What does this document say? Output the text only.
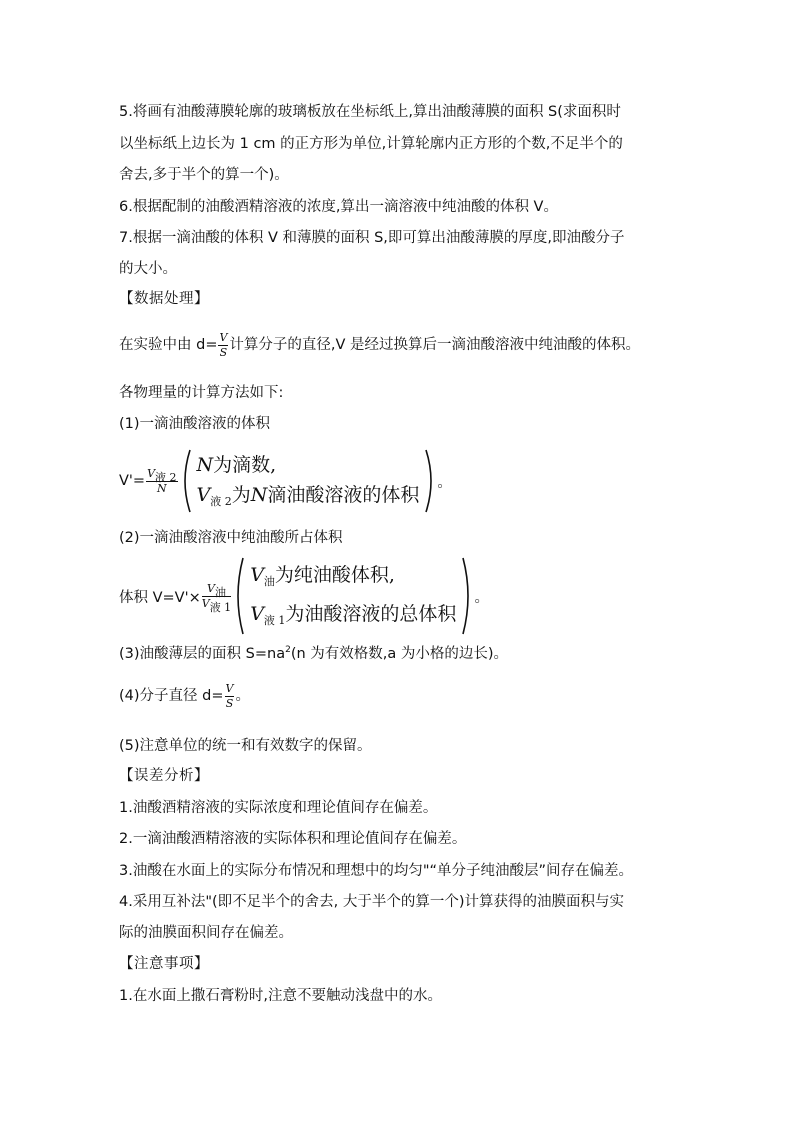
5.将画有油酸薄膜轮廓的玻璃板放在坐标纸上,算出油酸薄膜的面积 S(求面积时
以坐标纸上边长为 1 cm 的正方形为单位,计算轮廓内正方形的个数,不足半个的
舍去,多于半个的算一个)。
6.根据配制的油酸酒精溶液的浓度,算出一滴溶液中纯油酸的体积 V。
7.根据一滴油酸的体积 V 和薄膜的面积 S,即可算出油酸薄膜的厚度,即油酸分子
的大小。
【数据处理】
在实验中由 $d= \frac{V}{S}$ 计算分子的直径,V 是经过换算后一滴油酸溶液中纯油酸的体积。
各物理量的计算方法如下:
(1)一滴油酸溶液的体积
$V'= \frac{\text{V液 2}}{N}$
N为滴数,
$V_{液 2}$为N滴油酸溶液的体积
。
(2)一滴油酸溶液中纯油酸所占体积
体积 $V=V'\times \frac{\text{V油}}{\text{V液 1}}$
$V_油$为纯油酸体积,
$V_{液 1}$为油酸溶液的总体积
。
(3)油酸薄层的面积 $S=na^2(n$ 为有效格数,a 为小格的边长)。
(4)分子直径 $d= \frac{V}{S}$ 。
(5)注意单位的统一和有效数字的保留。
【误差分析】
1.油酸酒精溶液的实际浓度和理论值间存在偏差。
2.一滴油酸酒精溶液的实际体积和理论值间存在偏差。
3.油酸在水面上的实际分布情况和理想中的均匀"“单分子纯油酸层”间存在偏差。
4.采用互补法"(即不足半个的舍去, 大于半个的算一个)计算获得的油膜面积与实
际的油膜面积间存在偏差。
【注意事项】
1.在水面上撒石膏粉时,注意不要触动浅盘中的水。
